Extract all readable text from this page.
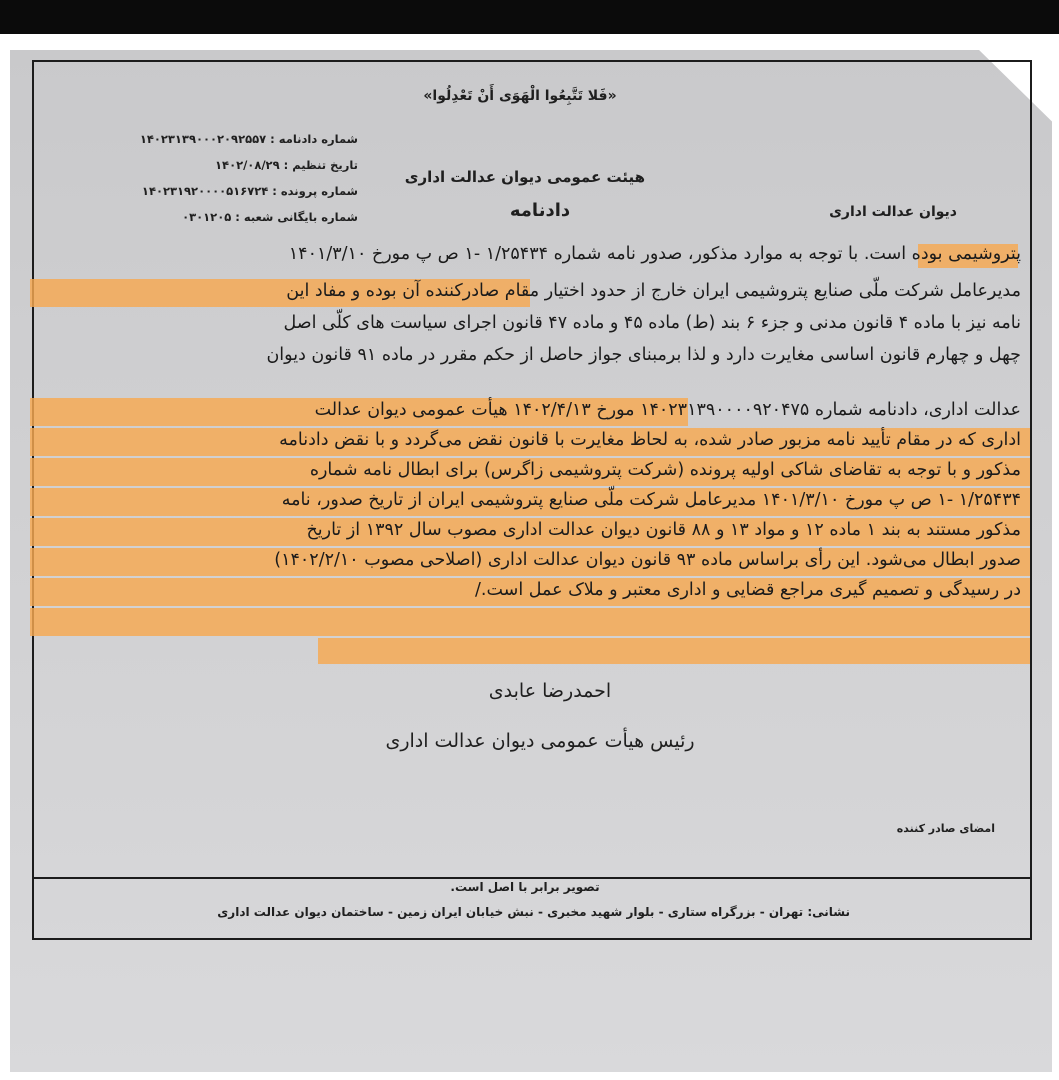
«فَلا تَتَّبِعُوا الْهَوَى أَنْ تَعْدِلُوا»
شماره دادنامه : ۱۴۰۲۳۱۳۹۰۰۰۲۰۹۲۵۵۷
تاریخ تنظیم : ۱۴۰۲/۰۸/۲۹
شماره پرونده : ۱۴۰۲۳۱۹۲۰۰۰۰۵۱۶۷۲۴
شماره بایگانی شعبه : ۰۳۰۱۲۰۵
هیئت عمومی دیوان عدالت اداری
دادنامه	دیوان عدالت اداری
پتروشیمی بوده است. با توجه به موارد مذکور، صدور نامه شماره ۱/۲۵۴۳۴ -۱ ص پ مورخ ۱۴۰۱/۳/۱۰
مدیرعامل شرکت ملّی صنایع پتروشیمی ایران خارج از حدود اختیار مقام صادرکننده آن بوده و مفاد این
نامه نیز با ماده ۴ قانون مدنی و جزء ۶ بند (ط) ماده ۴۵ و ماده ۴۷ قانون اجرای سیاست های کلّی اصل
چهل و چهارم قانون اساسی مغایرت دارد و لذا برمبنای جواز حاصل از حکم مقرر در ماده ۹۱ قانون دیوان
عدالت اداری، دادنامه شماره ۱۴۰۲۳۱۳۹۰۰۰۰۹۲۰۴۷۵ مورخ ۱۴۰۲/۴/۱۳ هیأت عمومی دیوان عدالت
اداری که در مقام تأیید نامه مزبور صادر شده، به لحاظ مغایرت با قانون نقض می‌گردد و با نقض دادنامه
مذکور و با توجه به تقاضای شاکی اولیه پرونده (شرکت پتروشیمی زاگرس) برای ابطال نامه شماره
۱/۲۵۴۳۴ -۱ ص پ مورخ ۱۴۰۱/۳/۱۰ مدیرعامل شرکت ملّی صنایع پتروشیمی ایران از تاریخ صدور، نامه
مذکور مستند به بند ۱ ماده ۱۲ و مواد ۱۳ و ۸۸ قانون دیوان عدالت اداری مصوب سال ۱۳۹۲ از تاریخ
صدور ابطال می‌شود. این رأی براساس ماده ۹۳ قانون دیوان عدالت اداری (اصلاحی مصوب ۱۴۰۲/۲/۱۰)
در رسیدگی و تصمیم گیری مراجع قضایی و اداری معتبر و ملاک عمل است./
احمدرضا عابدی
رئیس هیأت عمومی دیوان عدالت اداری
امضای صادر کننده
تصویر برابر با اصل است.
نشانی: تهران - بزرگراه ستاری - بلوار شهید مخبری - نبش خیابان ایران زمین - ساختمان دیوان عدالت اداری
